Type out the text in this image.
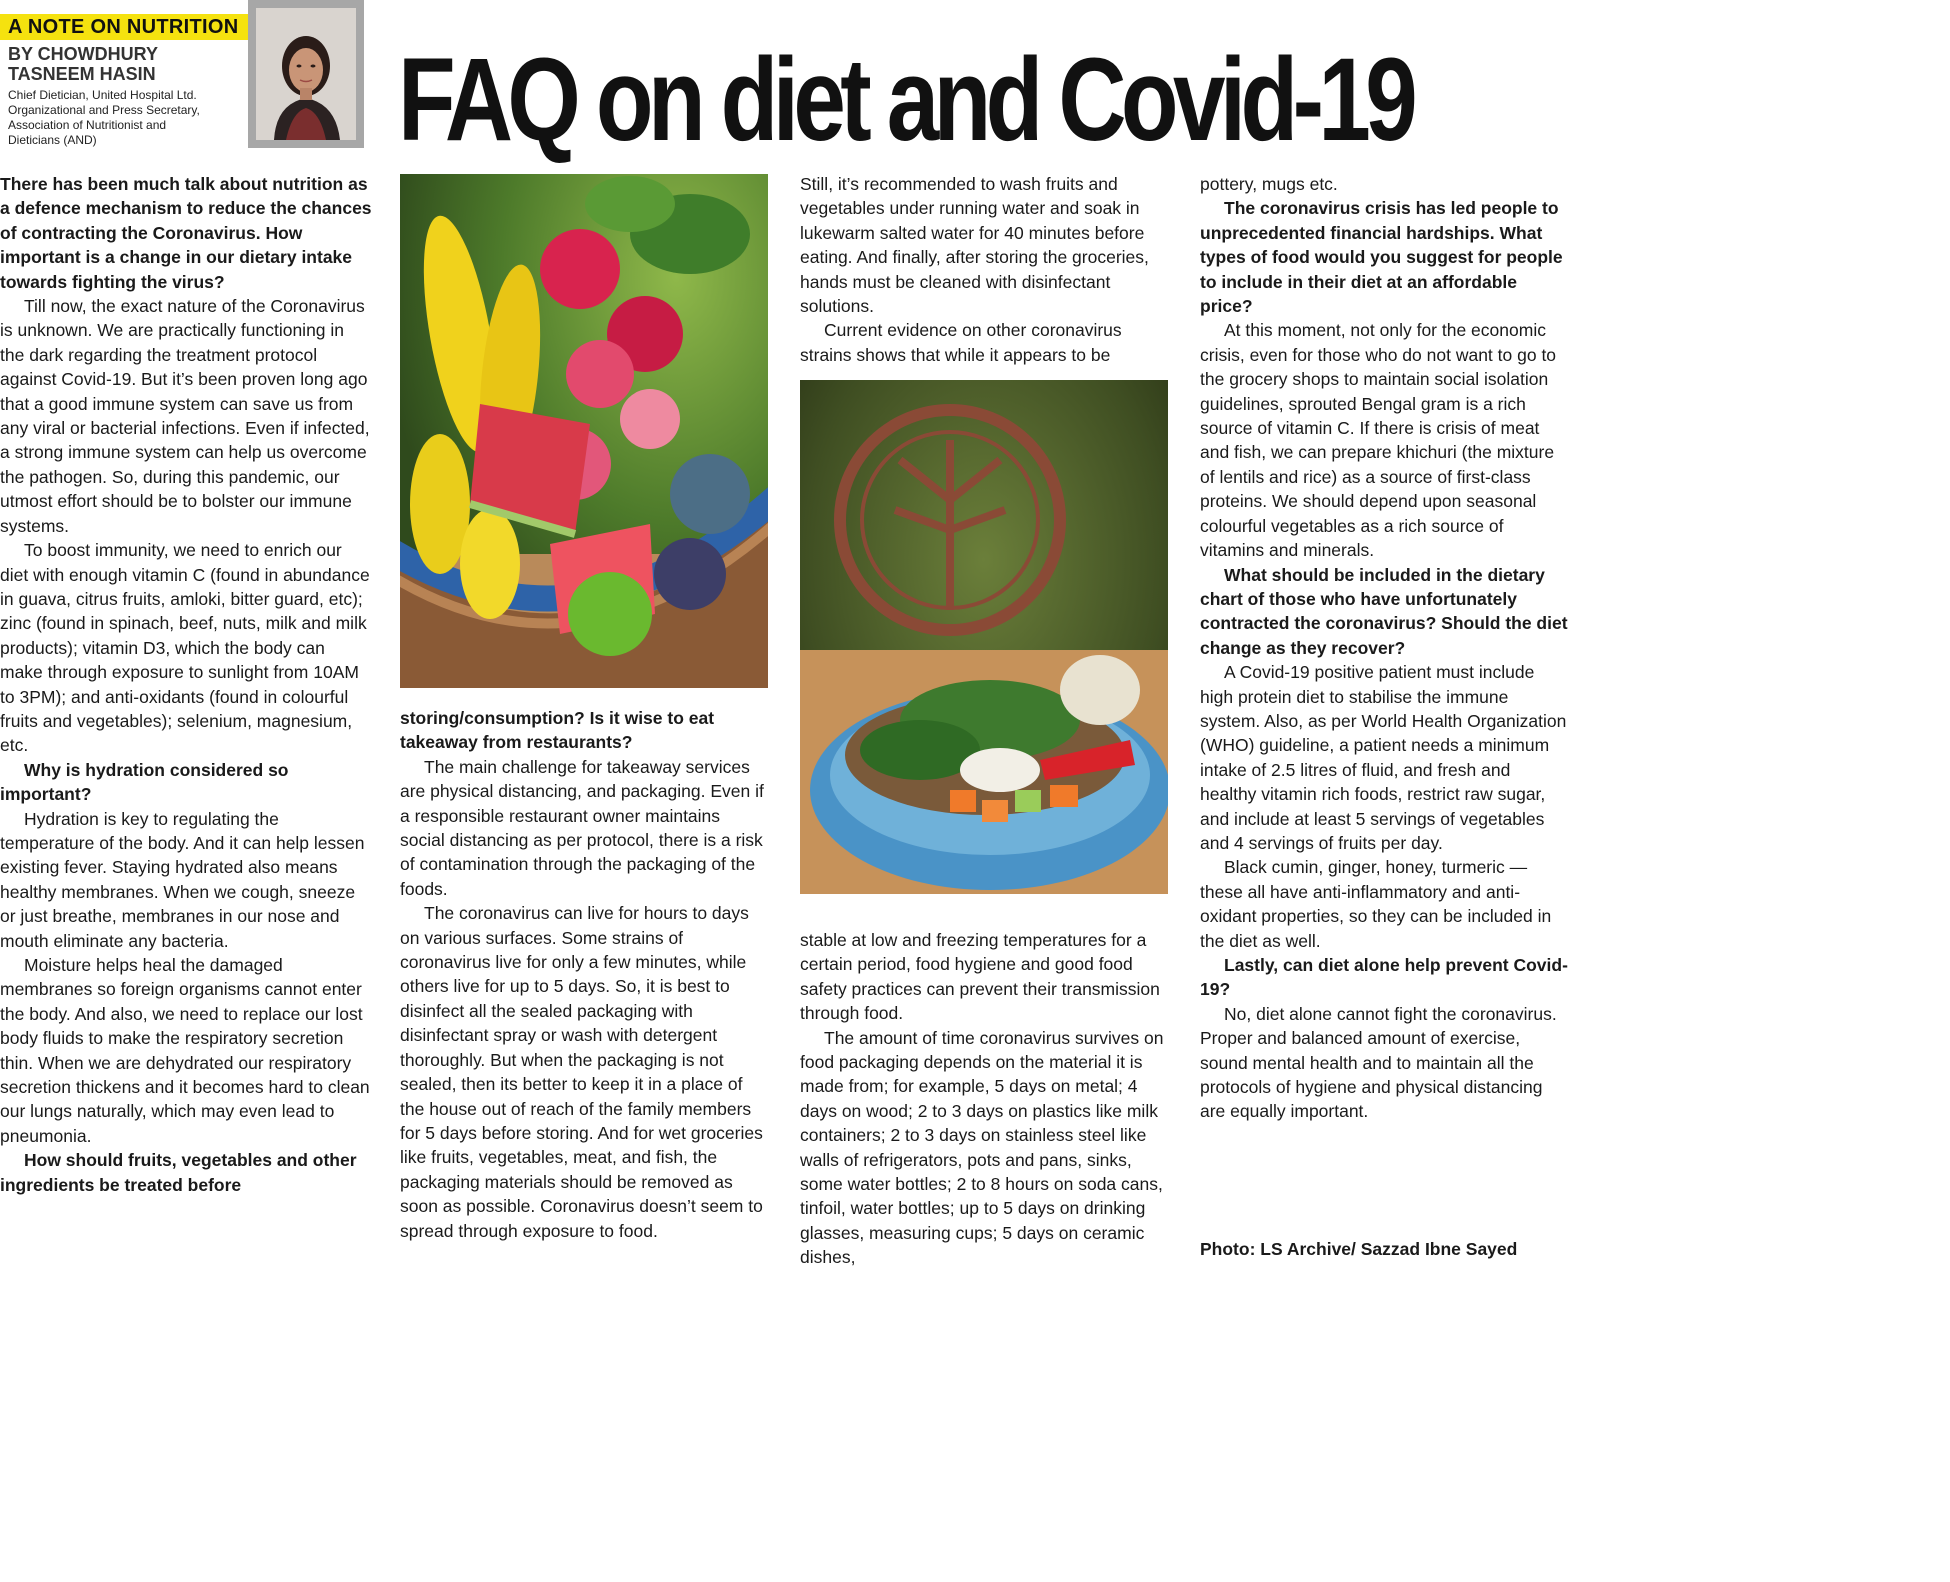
A NOTE ON NUTRITION
BY CHOWDHURY
TASNEEM HASIN
Chief Dietician, United Hospital Ltd.
Organizational and Press Secretary,
Association of Nutritionist and
Dieticians (AND)	FAQ on diet and Covid-19

There has been much talk about nutrition as a defence mechanism to reduce the chances of contracting the Coronavirus. How important is a change in our dietary intake towards fighting the virus?

Till now, the exact nature of the Coronavirus is unknown. We are practically functioning in the dark regarding the treatment protocol against Covid-19. But it’s been proven long ago that a good immune system can save us from any viral or bacterial infections. Even if infected, a strong immune system can help us overcome the pathogen. So, during this pandemic, our utmost effort should be to bolster our immune systems.

To boost immunity, we need to enrich our diet with enough vitamin C (found in abundance in guava, citrus fruits, amloki, bitter guard, etc); zinc (found in spinach, beef, nuts, milk and milk products); vitamin D3, which the body can make through exposure to sunlight from 10AM to 3PM); and anti-oxidants (found in colourful fruits and vegetables); selenium, magnesium, etc.

Why is hydration considered so important?

Hydration is key to regulating the temperature of the body. And it can help lessen existing fever. Staying hydrated also means healthy membranes. When we cough, sneeze or just breathe, membranes in our nose and mouth eliminate any bacteria.

Moisture helps heal the damaged membranes so foreign organisms cannot enter the body. And also, we need to replace our lost body fluids to make the respiratory secretion thin. When we are dehydrated our respiratory secretion thickens and it becomes hard to clean our lungs naturally, which may even lead to pneumonia.

How should fruits, vegetables and other ingredients be treated before

storing/consumption? Is it wise to eat takeaway from restaurants?

The main challenge for takeaway services are physical distancing, and packaging. Even if a responsible restaurant owner maintains social distancing as per protocol, there is a risk of contamination through the packaging of the foods.

The coronavirus can live for hours to days on various surfaces. Some strains of coronavirus live for only a few minutes, while others live for up to 5 days. So, it is best to disinfect all the sealed packaging with disinfectant spray or wash with detergent thoroughly. But when the packaging is not sealed, then its better to keep it in a place of the house out of reach of the family members for 5 days before storing. And for wet groceries like fruits, vegetables, meat, and fish, the packaging materials should be removed as soon as possible. Coronavirus doesn’t seem to spread through exposure to food.

Still, it’s recommended to wash fruits and vegetables under running water and soak in lukewarm salted water for 40 minutes before eating. And finally, after storing the groceries, hands must be cleaned with disinfectant solutions.

Current evidence on other coronavirus strains shows that while it appears to be

stable at low and freezing temperatures for a certain period, food hygiene and good food safety practices can prevent their transmission through food.

The amount of time coronavirus survives on food packaging depends on the material it is made from; for example, 5 days on metal; 4 days on wood; 2 to 3 days on plastics like milk containers; 2 to 3 days on stainless steel like walls of refrigerators, pots and pans, sinks, some water bottles; 2 to 8 hours on soda cans, tinfoil, water bottles; up to 5 days on drinking glasses, measuring cups; 5 days on ceramic dishes,

pottery, mugs etc.

The coronavirus crisis has led people to unprecedented financial hardships. What types of food would you suggest for people to include in their diet at an affordable price?

At this moment, not only for the economic crisis, even for those who do not want to go to the grocery shops to maintain social isolation guidelines, sprouted Bengal gram is a rich source of vitamin C. If there is crisis of meat and fish, we can prepare khichuri (the mixture of lentils and rice) as a source of first-class proteins. We should depend upon seasonal colourful vegetables as a rich source of vitamins and minerals.

What should be included in the dietary chart of those who have unfortunately contracted the coronavirus? Should the diet change as they recover?

A Covid-19 positive patient must include high protein diet to stabilise the immune system. Also, as per World Health Organization (WHO) guideline, a patient needs a minimum intake of 2.5 litres of fluid, and fresh and healthy vitamin rich foods, restrict raw sugar, and include at least 5 servings of vegetables and 4 servings of fruits per day.

Black cumin, ginger, honey, turmeric — these all have anti-inflammatory and anti-oxidant properties, so they can be included in the diet as well.

Lastly, can diet alone help prevent Covid-19?

No, diet alone cannot fight the coronavirus. Proper and balanced amount of exercise, sound mental health and to maintain all the protocols of hygiene and physical distancing are equally important.

Photo: LS Archive/ Sazzad Ibne Sayed
